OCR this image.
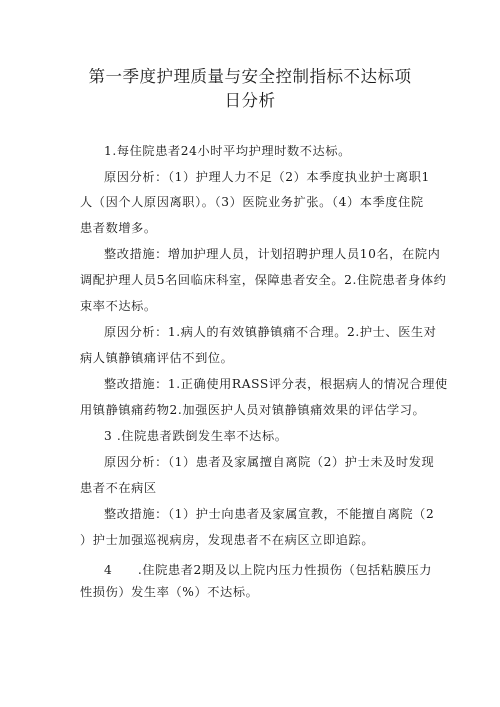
第一季度护理质量与安全控制指标不达标项
日分析
1.每住院患者24小时平均护理时数不达标。
原因分析：（1）护理人力不足（2）本季度执业护士离职1
人（因个人原因离职）。（3）医院业务扩张。（4）本季度住院
患者数增多。
整改措施：增加护理人员，计划招聘护理人员10名，在院内
调配护理人员5名回临床科室，保障患者安全。2.住院患者身体约
束率不达标。
原因分析：1.病人的有效镇静镇痛不合理。2.护士、医生对
病人镇静镇痛评估不到位。
整改措施：1.正确使用RASS评分表，根据病人的情况合理使
用镇静镇痛药物2.加强医护人员对镇静镇痛效果的评估学习。
3 .住院患者跌倒发生率不达标。
原因分析：（1）患者及家属擅自离院（2）护士未及时发现
患者不在病区
整改措施：（1）护士向患者及家属宣教，不能擅自离院（2
）护士加强巡视病房，发现患者不在病区立即追踪。
4　　.住院患者2期及以上院内压力性损伤（包括粘膜压力
性损伤）发生率（%）不达标。
